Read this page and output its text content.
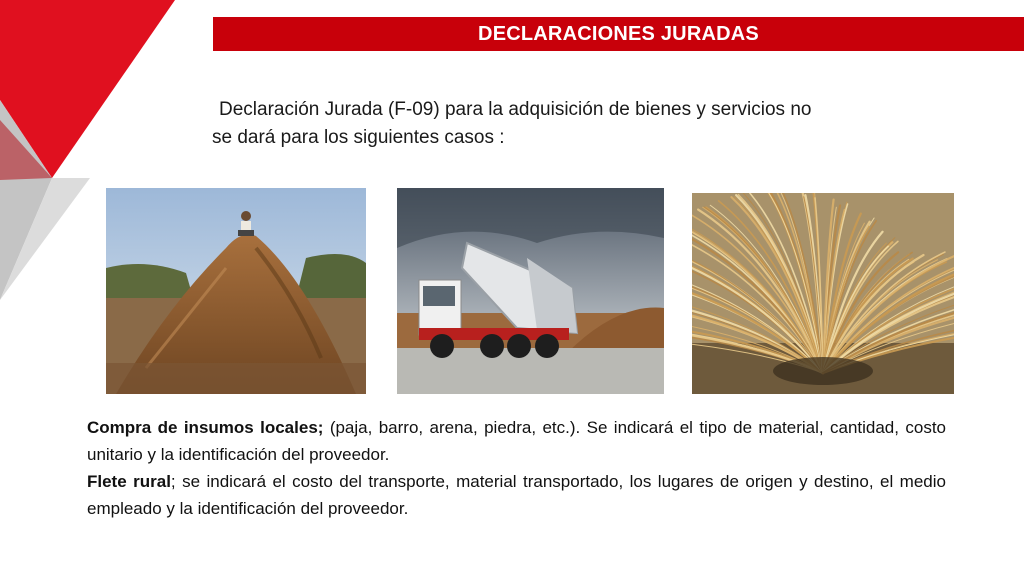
DECLARACIONES JURADAS
Declaración Jurada (F-09) para la adquisición de bienes y servicios no
se dará para los siguientes casos :

Compra de insumos locales; (paja, barro, arena, piedra, etc.). Se indicará el tipo de material, cantidad, costo unitario y la identificación del proveedor.

Flete rural; se indicará el costo del transporte, material transportado, los lugares de origen y destino, el medio empleado y la identificación del proveedor.
